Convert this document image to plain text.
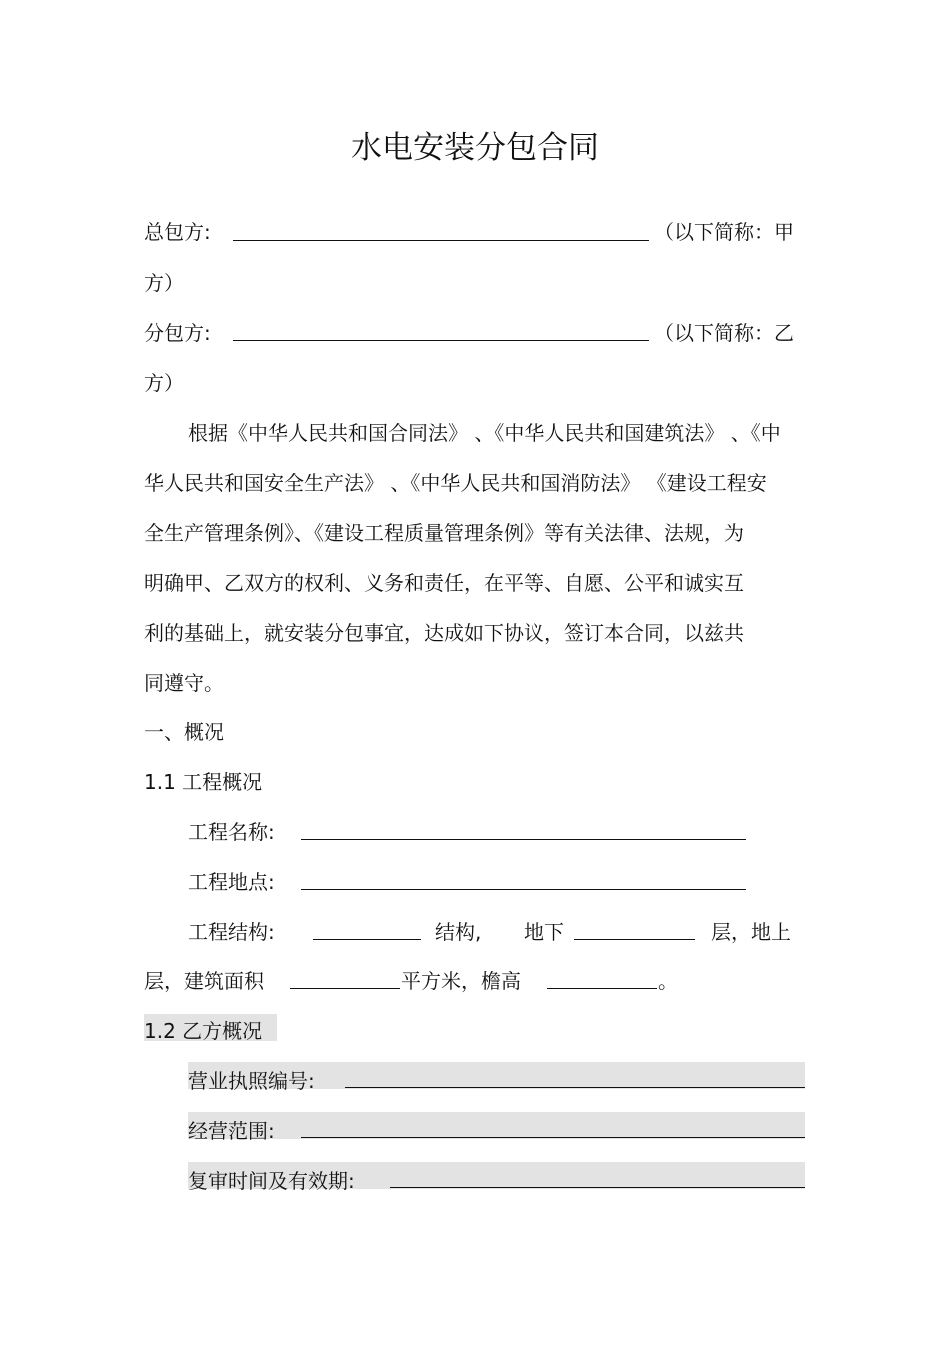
水电安装分包合同
总包方:	（以下简称：甲
方）
分包方:	（以下简称：乙
方）
根据《中华人民共和国合同法》 、《中华人民共和国建筑法》 、《中
华人民共和国安全生产法》 、《中华人民共和国消防法》 《建设工程安
全生产管理条例》、《建设工程质量管理条例》等有关法律、法规，为
明确甲、乙双方的权利、义务和责任，在平等、自愿、公平和诚实互
利的基础上，就安装分包事宜，达成如下协议，签订本合同，以兹共
同遵守。
一、概况
1.1 工程概况
工程名称:
工程地点:
工程结构:	结构, 地下	层，地上
层，建筑面积	平方米，檐高	。
1.2 乙方概况
营业执照编号:
经营范围:
复审时间及有效期:
